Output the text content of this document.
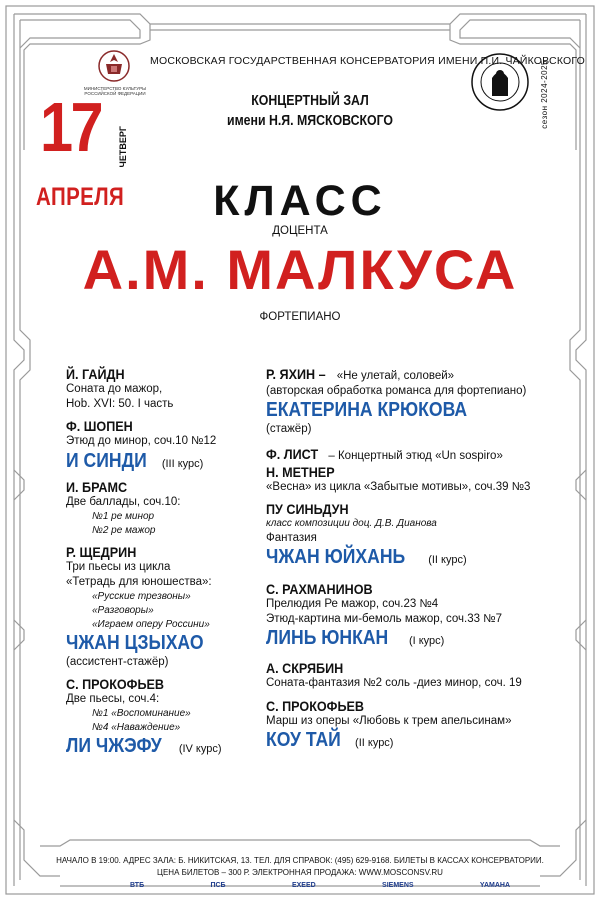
МИНИСТЕРСТВО КУЛЬТУРЫ РОССИЙСКОЙ ФЕДЕРАЦИИ
МОСКОВСКАЯ ГОСУДАРСТВЕННАЯ КОНСЕРВАТОРИЯ ИМЕНИ П.И. ЧАЙКОВСКОГО
сезон 2024-2025
17 ЧЕТВЕРГ
АПРЕЛЯ
КОНЦЕРТНЫЙ ЗАЛ
имени Н.Я. МЯСКОВСКОГО
КЛАСС
ДОЦЕНТА
А.М. МАЛКУСА
ФОРТЕПИАНО
Й. ГАЙДН
Соната до мажор,
Hob. XVI: 50. I часть
Ф. ШОПЕН
Этюд до минор, соч.10 №12
И СИНДИ (III курс)
И. БРАМС
Две баллады, соч.10:
№1 ре минор
№2 ре мажор
Р. ЩЕДРИН
Три пьесы из цикла
«Тетрадь для юношества»:
«Русские трезвоны»
«Разговоры»
«Играем оперу Россини»
ЧЖАН ЦЗЫХАО
(ассистент-стажёр)
С. ПРОКОФЬЕВ
Две пьесы, соч.4:
№1 «Воспоминание»
№4 «Наваждение»
ЛИ ЧЖЭФУ (IV курс)
Р. ЯХИН – «Не улетай, соловей»
(авторская обработка романса для фортепиано)
ЕКАТЕРИНА КРЮКОВА
(стажёр)
Ф. ЛИСТ – Концертный этюд «Un sospiro»
Н. МЕТНЕР
«Весна» из цикла «Забытые мотивы», соч.39 №3
ПУ СИНЬДУН
класс композиции доц. Д.В. Дианова
Фантазия
ЧЖАН ЮЙХАНЬ (II курс)
С. РАХМАНИНОВ
Прелюдия Ре мажор, соч.23 №4
Этюд-картина ми-бемоль мажор, соч.33 №7
ЛИНЬ ЮНКАН (I курс)
А. СКРЯБИН
Соната-фантазия №2 соль -диез минор, соч. 19
С. ПРОКОФЬЕВ
Марш из оперы «Любовь к трем апельсинам»
КОУ ТАЙ (II курс)
НАЧАЛО В 19:00. АДРЕС ЗАЛА: Б. НИКИТСКАЯ, 13. ТЕЛ. ДЛЯ СПРАВОК: (495) 629-9168. БИЛЕТЫ В КАССАХ КОНСЕРВАТОРИИ.
ЦЕНА БИЛЕТОВ – 300 Р. ЭЛЕКТРОННАЯ ПРОДАЖА: WWW.MOSCONSV.RU
ВТБ	ПСБ	EXEED	SIEMENS	YAMAHA
